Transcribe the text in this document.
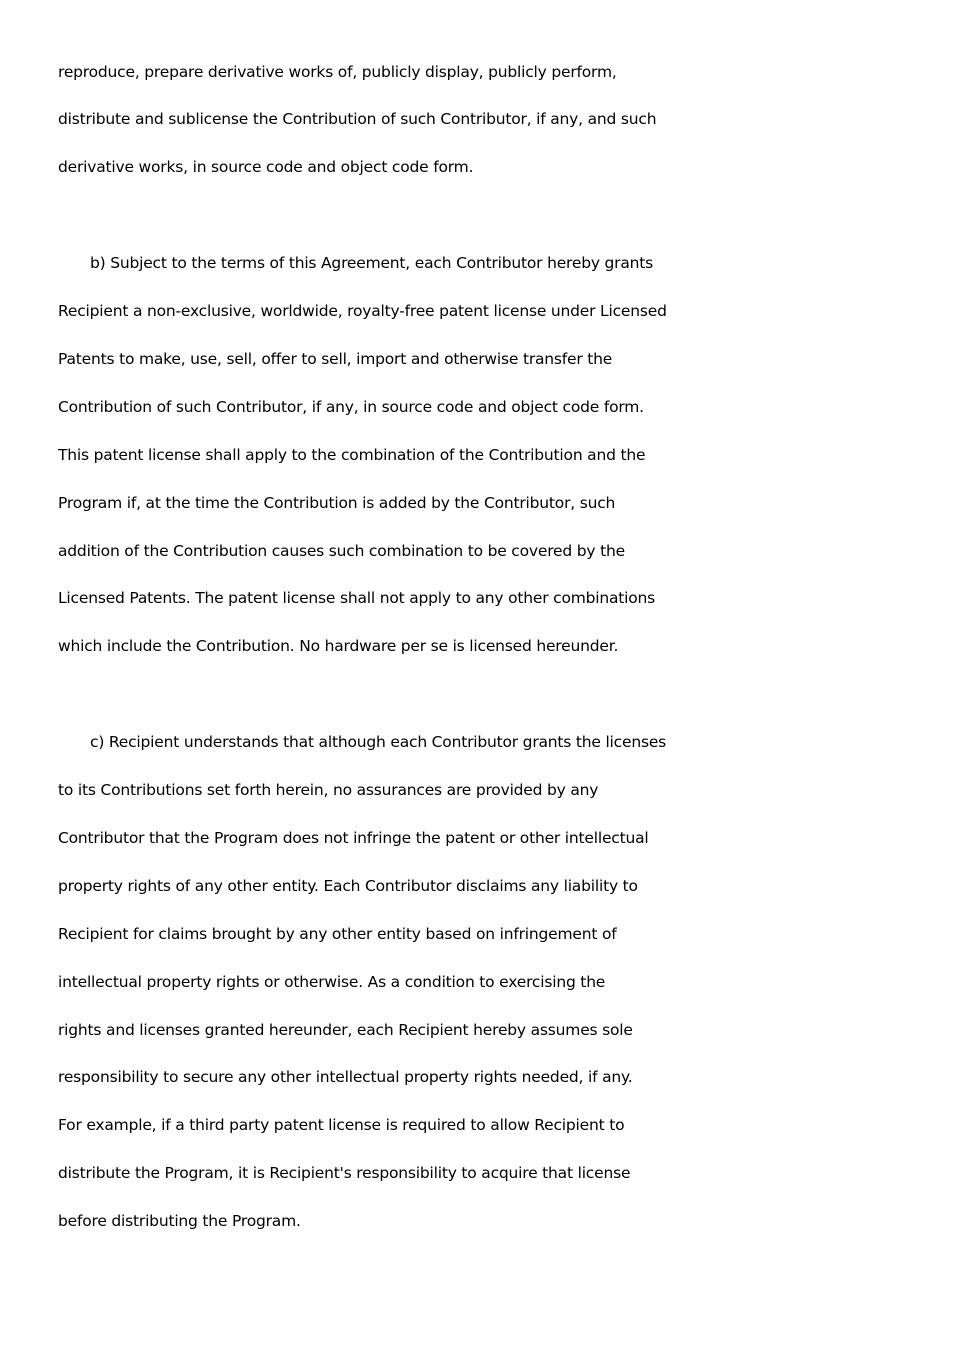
reproduce, prepare derivative works of, publicly display, publicly perform,
distribute and sublicense the Contribution of such Contributor, if any, and such
derivative works, in source code and object code form.
b) Subject to the terms of this Agreement, each Contributor hereby grants
Recipient a non-exclusive, worldwide, royalty-free patent license under Licensed
Patents to make, use, sell, offer to sell, import and otherwise transfer the
Contribution of such Contributor, if any, in source code and object code form.
This patent license shall apply to the combination of the Contribution and the
Program if, at the time the Contribution is added by the Contributor, such
addition of the Contribution causes such combination to be covered by the
Licensed Patents. The patent license shall not apply to any other combinations
which include the Contribution. No hardware per se is licensed hereunder.
c) Recipient understands that although each Contributor grants the licenses
to its Contributions set forth herein, no assurances are provided by any
Contributor that the Program does not infringe the patent or other intellectual
property rights of any other entity. Each Contributor disclaims any liability to
Recipient for claims brought by any other entity based on infringement of
intellectual property rights or otherwise. As a condition to exercising the
rights and licenses granted hereunder, each Recipient hereby assumes sole
responsibility to secure any other intellectual property rights needed, if any.
For example, if a third party patent license is required to allow Recipient to
distribute the Program, it is Recipient's responsibility to acquire that license
before distributing the Program.
